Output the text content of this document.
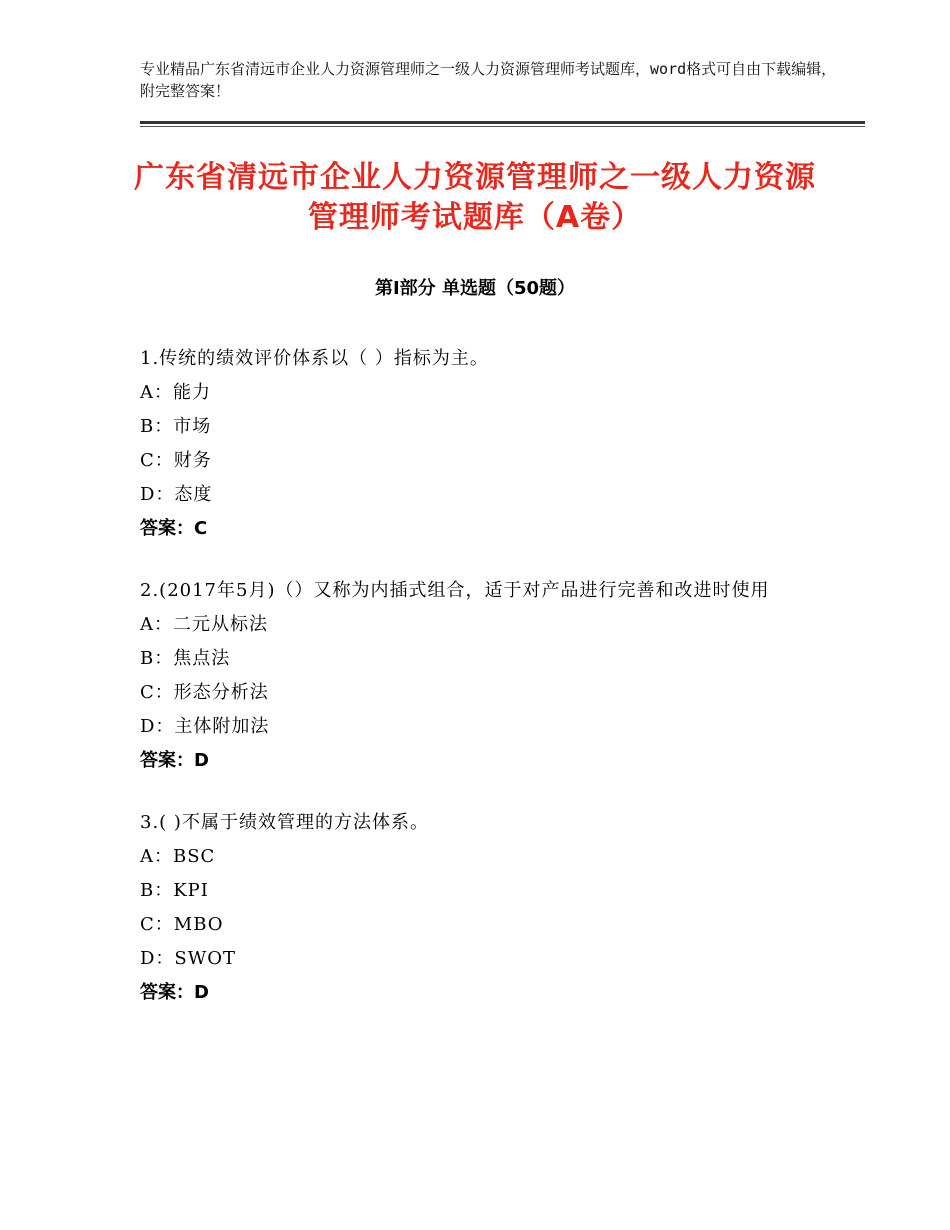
专业精品广东省清远市企业人力资源管理师之一级人力资源管理师考试题库，word格式可自由下载编辑，附完整答案！
广东省清远市企业人力资源管理师之一级人力资源管理师考试题库（A卷）
第Ⅰ部分 单选题（50题）
1.传统的绩效评价体系以（ ）指标为主。
A：能力
B：市场
C：财务
D：态度
答案：C
2.(2017年5月)（）又称为内插式组合，适于对产品进行完善和改进时使用
A：二元从标法
B：焦点法
C：形态分析法
D：主体附加法
答案：D
3.( )不属于绩效管理的方法体系。
A：BSC
B：KPI
C：MBO
D：SWOT
答案：D
